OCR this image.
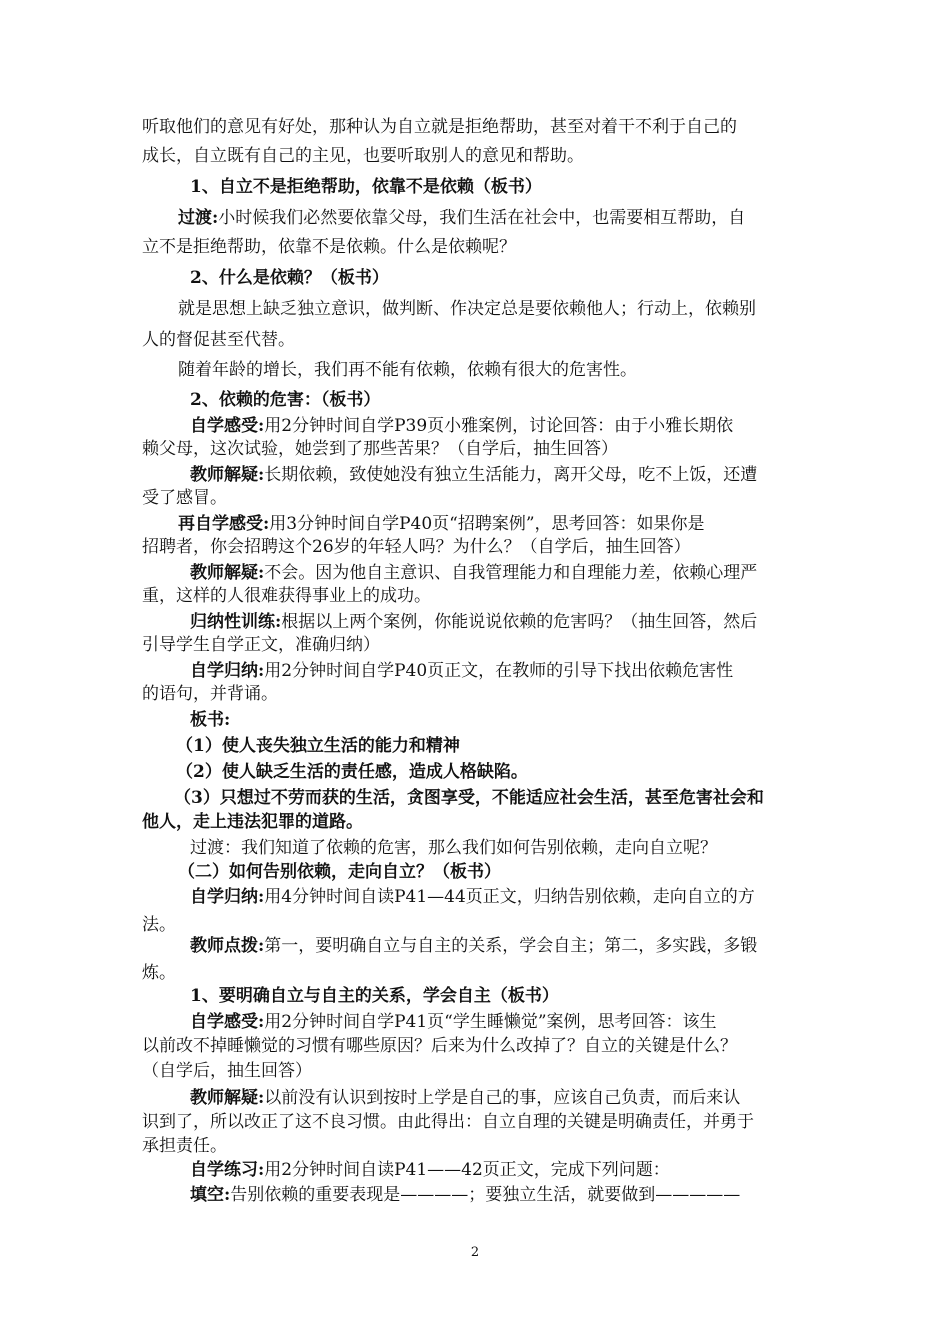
听取他们的意见有好处，那种认为自立就是拒绝帮助，甚至对着干不利于自己的
成长，自立既有自己的主见，也要听取别人的意见和帮助。
1、自立不是拒绝帮助，依靠不是依赖（板书）
过渡:小时候我们必然要依靠父母，我们生活在社会中，也需要相互帮助，自
立不是拒绝帮助，依靠不是依赖。什么是依赖呢？
2、什么是依赖？（板书）
就是思想上缺乏独立意识，做判断、作决定总是要依赖他人；行动上，依赖别
人的督促甚至代替。
随着年龄的增长，我们再不能有依赖，依赖有很大的危害性。
2、依赖的危害：（板书）
自学感受:用2分钟时间自学P39页小雅案例，讨论回答：由于小雅长期依
赖父母，这次试验，她尝到了那些苦果？（自学后，抽生回答）
教师解疑:长期依赖，致使她没有独立生活能力，离开父母，吃不上饭，还遭
受了感冒。
再自学感受:用3分钟时间自学P40页“招聘案例”，思考回答：如果你是
招聘者，你会招聘这个26岁的年轻人吗？为什么？（自学后，抽生回答）
教师解疑:不会。因为他自主意识、自我管理能力和自理能力差，依赖心理严
重，这样的人很难获得事业上的成功。
归纳性训练:根据以上两个案例，你能说说依赖的危害吗？（抽生回答，然后
引导学生自学正文，准确归纳）
自学归纳:用2分钟时间自学P40页正文，在教师的引导下找出依赖危害性
的语句，并背诵。
板书:
（1）使人丧失独立生活的能力和精神
（2）使人缺乏生活的责任感，造成人格缺陷。
（3）只想过不劳而获的生活，贪图享受，不能适应社会生活，甚至危害社会和
他人，走上违法犯罪的道路。
过渡：我们知道了依赖的危害，那么我们如何告别依赖，走向自立呢？
（二）如何告别依赖，走向自立？（板书）
自学归纳:用4分钟时间自读P41—44页正文，归纳告别依赖，走向自立的方
法。
教师点拨:第一，要明确自立与自主的关系，学会自主；第二，多实践，多锻
炼。
1、要明确自立与自主的关系，学会自主（板书）
自学感受:用2分钟时间自学P41页“学生睡懒觉”案例，思考回答：该生
以前改不掉睡懒觉的习惯有哪些原因？后来为什么改掉了？自立的关键是什么？
（自学后，抽生回答）
教师解疑:以前没有认识到按时上学是自己的事，应该自己负责，而后来认
识到了，所以改正了这不良习惯。由此得出：自立自理的关键是明确责任，并勇于
承担责任。
自学练习:用2分钟时间自读P41——42页正文，完成下列问题：
填空:告别依赖的重要表现是————；要独立生活，就要做到—————
2
